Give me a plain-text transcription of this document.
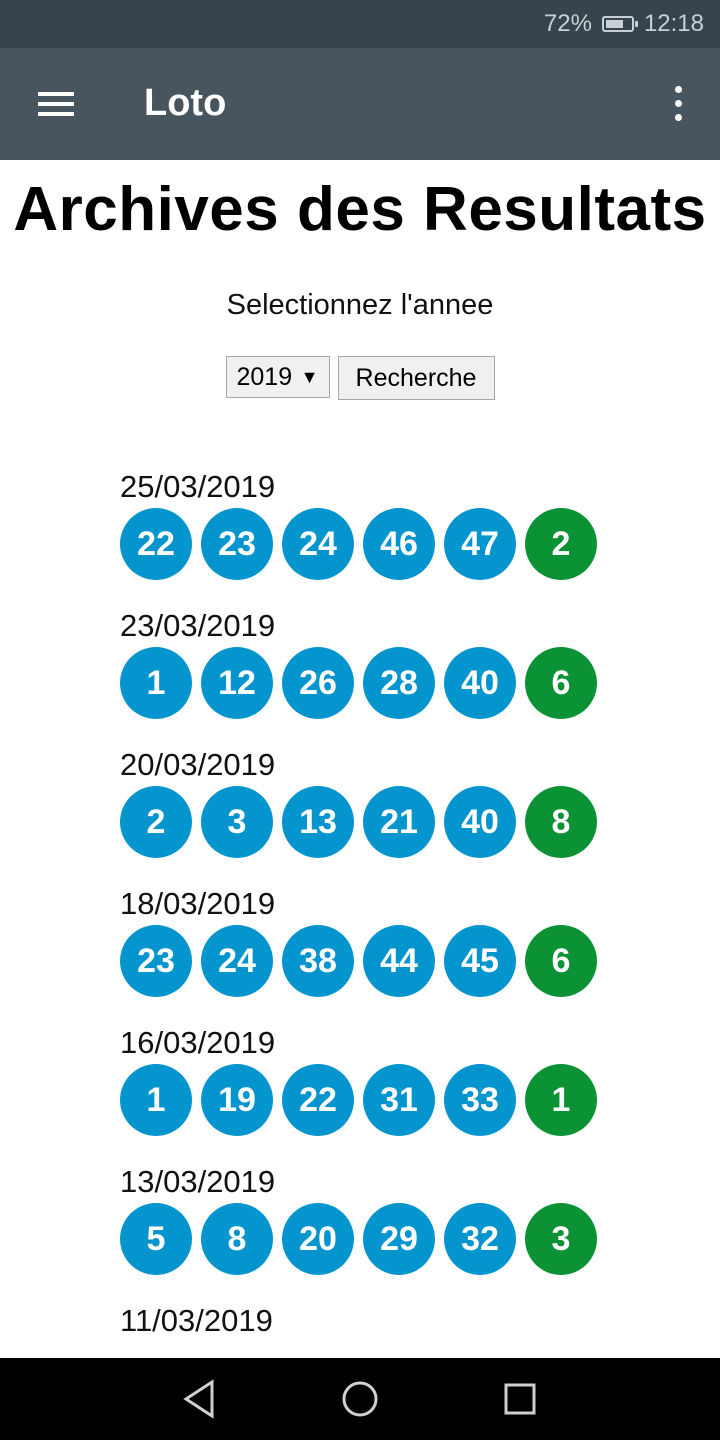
72% 12:18
Loto
Archives des Resultats
Selectionnez l'annee
2019 ▼	Recherche
25/03/2019
22	23	24	46	47	2
23/03/2019
1	12	26	28	40	6
20/03/2019
2	3	13	21	40	8
18/03/2019
23	24	38	44	45	6
16/03/2019
1	19	22	31	33	1
13/03/2019
5	8	20	29	32	3
11/03/2019
